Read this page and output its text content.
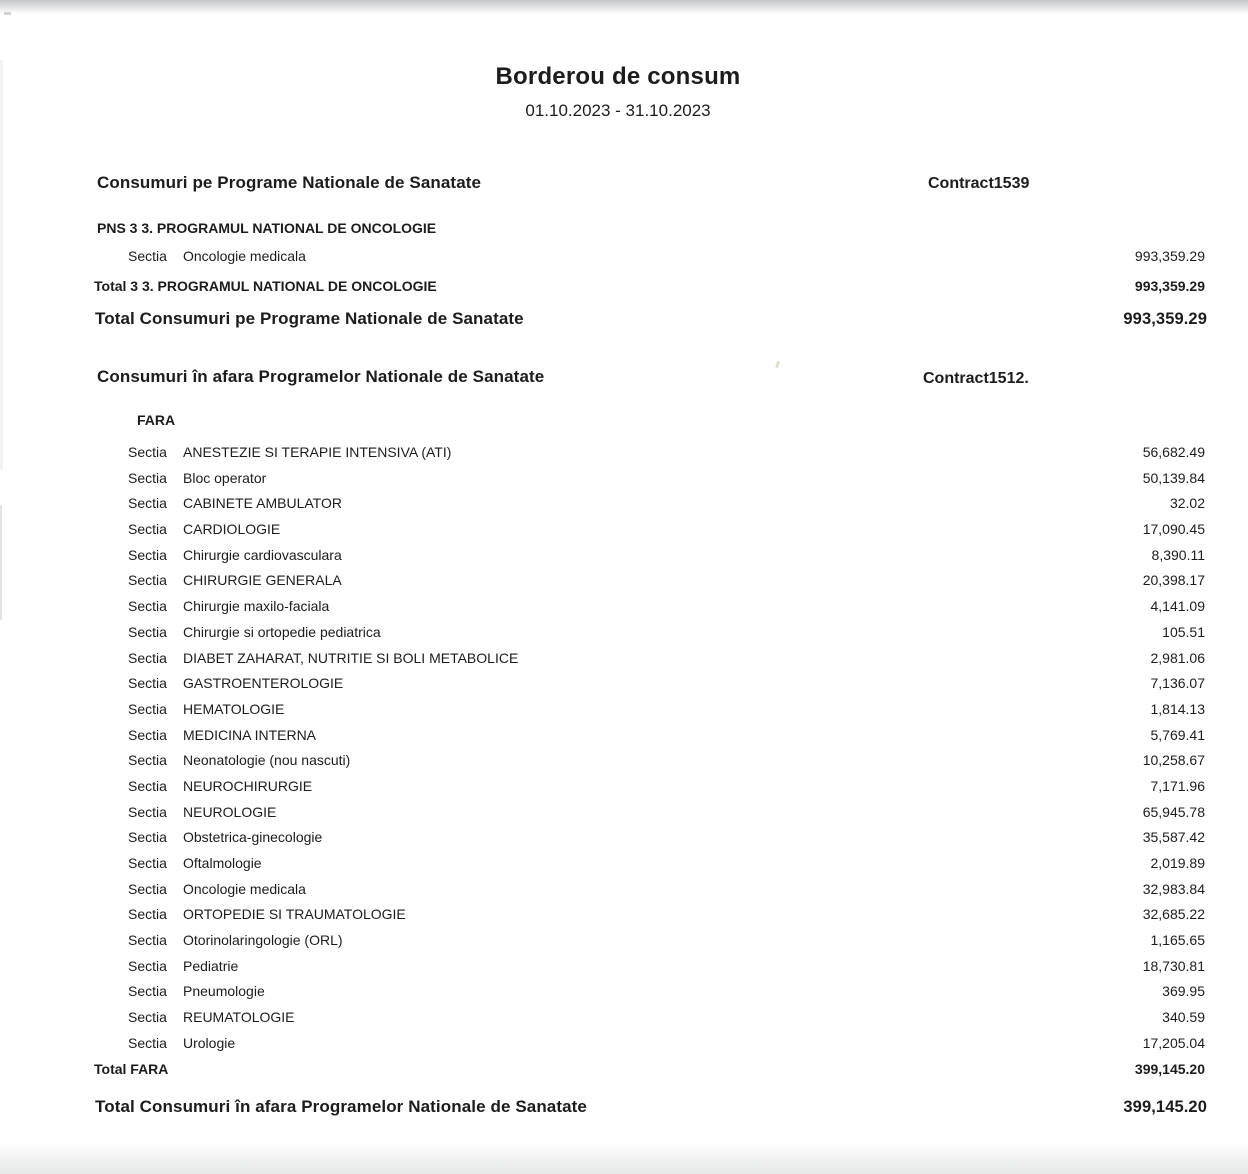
Borderou de consum
01.10.2023 - 31.10.2023
Consumuri pe Programe Nationale de Sanatate	Contract1539
PNS 3 3. PROGRAMUL NATIONAL DE ONCOLOGIE
Sectia	Oncologie medicala	993,359.29
Total 3 3. PROGRAMUL NATIONAL DE ONCOLOGIE	993,359.29
Total Consumuri pe Programe Nationale de Sanatate	993,359.29
Consumuri în afara Programelor Nationale de Sanatate	Contract1512.
FARA
Sectia	ANESTEZIE SI TERAPIE INTENSIVA (ATI)	56,682.49
Sectia	Bloc operator	50,139.84
Sectia	CABINETE AMBULATOR	32.02
Sectia	CARDIOLOGIE	17,090.45
Sectia	Chirurgie cardiovasculara	8,390.11
Sectia	CHIRURGIE GENERALA	20,398.17
Sectia	Chirurgie maxilo-faciala	4,141.09
Sectia	Chirurgie si ortopedie pediatrica	105.51
Sectia	DIABET ZAHARAT, NUTRITIE SI BOLI METABOLICE	2,981.06
Sectia	GASTROENTEROLOGIE	7,136.07
Sectia	HEMATOLOGIE	1,814.13
Sectia	MEDICINA INTERNA	5,769.41
Sectia	Neonatologie (nou nascuti)	10,258.67
Sectia	NEUROCHIRURGIE	7,171.96
Sectia	NEUROLOGIE	65,945.78
Sectia	Obstetrica-ginecologie	35,587.42
Sectia	Oftalmologie	2,019.89
Sectia	Oncologie medicala	32,983.84
Sectia	ORTOPEDIE SI TRAUMATOLOGIE	32,685.22
Sectia	Otorinolaringologie (ORL)	1,165.65
Sectia	Pediatrie	18,730.81
Sectia	Pneumologie	369.95
Sectia	REUMATOLOGIE	340.59
Sectia	Urologie	17,205.04
Total FARA	399,145.20
Total Consumuri în afara Programelor Nationale de Sanatate	399,145.20
